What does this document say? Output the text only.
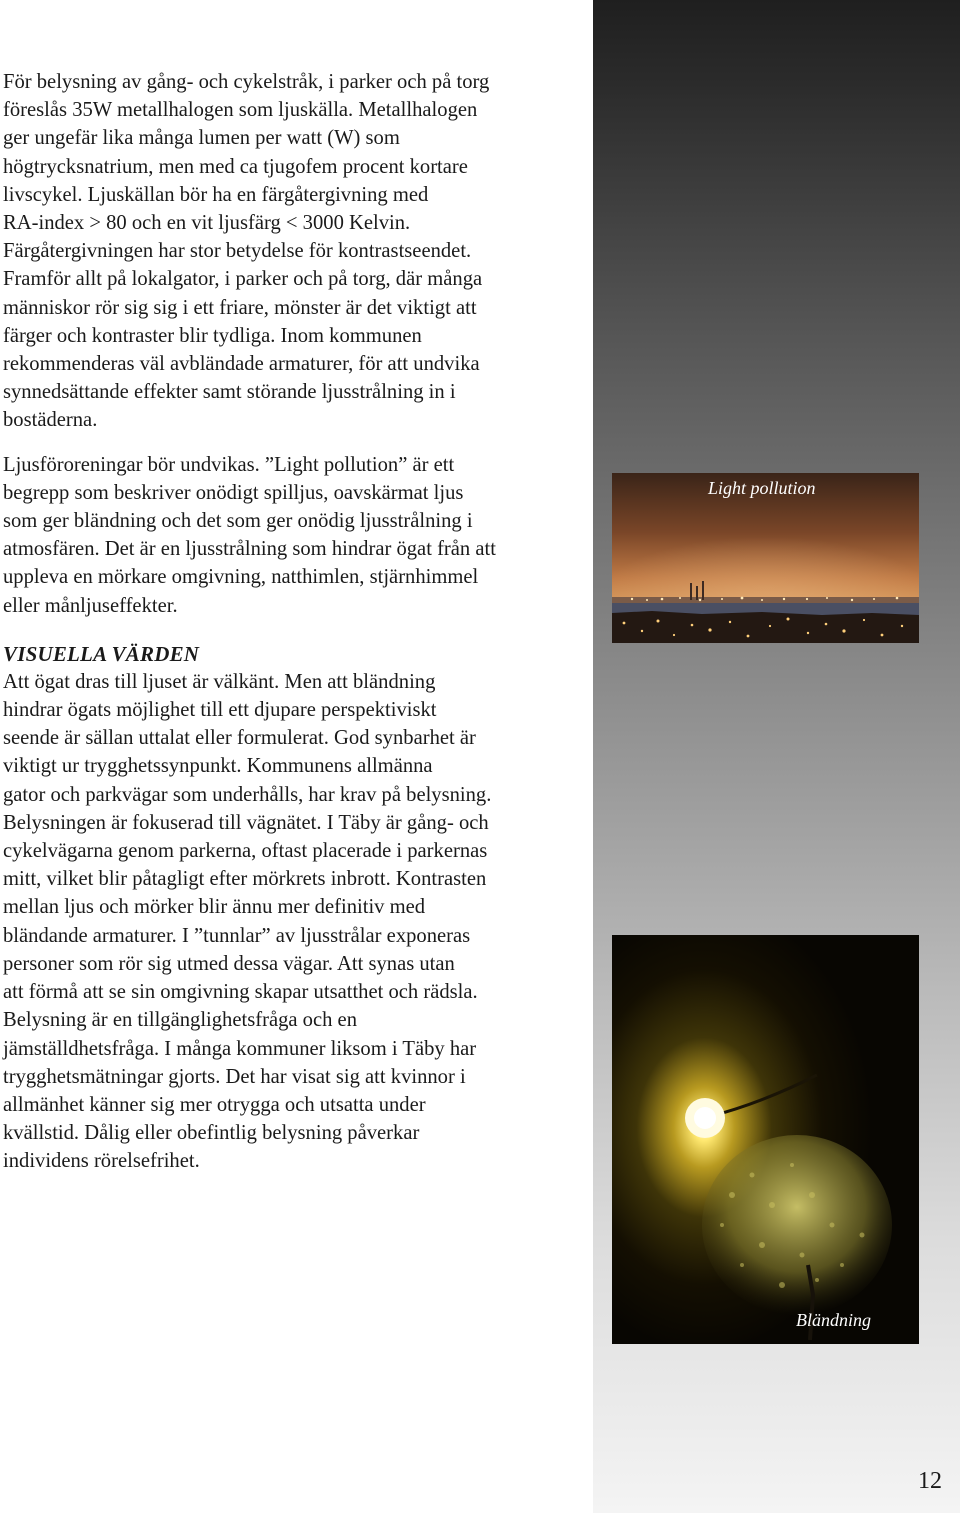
För belysning av gång- och cykelstråk, i parker och på torg
föreslås 35W metallhalogen som ljuskälla. Metallhalogen
ger ungefär lika många lumen per watt (W) som
högtrycksnatrium, men med ca tjugofem procent kortare
livscykel. Ljuskällan bör ha en färgåtergivning med
RA-index > 80 och en vit ljusfärg < 3000 Kelvin.
Färgåtergivningen har stor betydelse för kontrastseendet.
Framför allt på lokalgator, i parker och på torg, där många
människor rör sig sig i ett friare, mönster är det viktigt att
färger och kontraster blir tydliga. Inom kommunen
rekommenderas väl avbländade armaturer, för att undvika
synnedsättande effekter samt störande ljusstrålning in i
bostäderna.

Ljusföroreningar bör undvikas. ”Light pollution” är ett
begrepp som beskriver onödigt spilljus, oavskärmat ljus
som ger bländning och det som ger onödig ljusstrålning i
atmosfären. Det är en ljusstrålning som hindrar ögat från att
uppleva en mörkare omgivning, natthimlen, stjärnhimmel
eller månljuseffekter.

VISUELLA VÄRDEN

Att ögat dras till ljuset är välkänt. Men att bländning
hindrar ögats möjlighet till ett djupare perspektiviskt
seende är sällan uttalat eller formulerat. God synbarhet är
viktigt ur trygghetssynpunkt. Kommunens allmänna
gator och parkvägar som underhålls, har krav på belysning.
Belysningen är fokuserad till vägnätet. I Täby är gång- och
cykelvägarna genom parkerna, oftast placerade i parkernas
mitt, vilket blir påtagligt efter mörkrets inbrott. Kontrasten
mellan ljus och mörker blir ännu mer definitiv med
bländande armaturer. I ”tunnlar” av ljusstrålar exponeras
personer som rör sig utmed dessa vägar. Att synas utan
att förmå att se sin omgivning skapar utsatthet och rädsla.
Belysning är en tillgänglighetsfråga och en
jämställdhetsfråga. I många kommuner liksom i Täby har
trygghetsmätningar gjorts. Det har visat sig att kvinnor i
allmänhet känner sig mer otrygga och utsatta under
kvällstid. Dålig eller obefintlig belysning påverkar
individens rörelsefrihet.

Light pollution
Bländning
12
